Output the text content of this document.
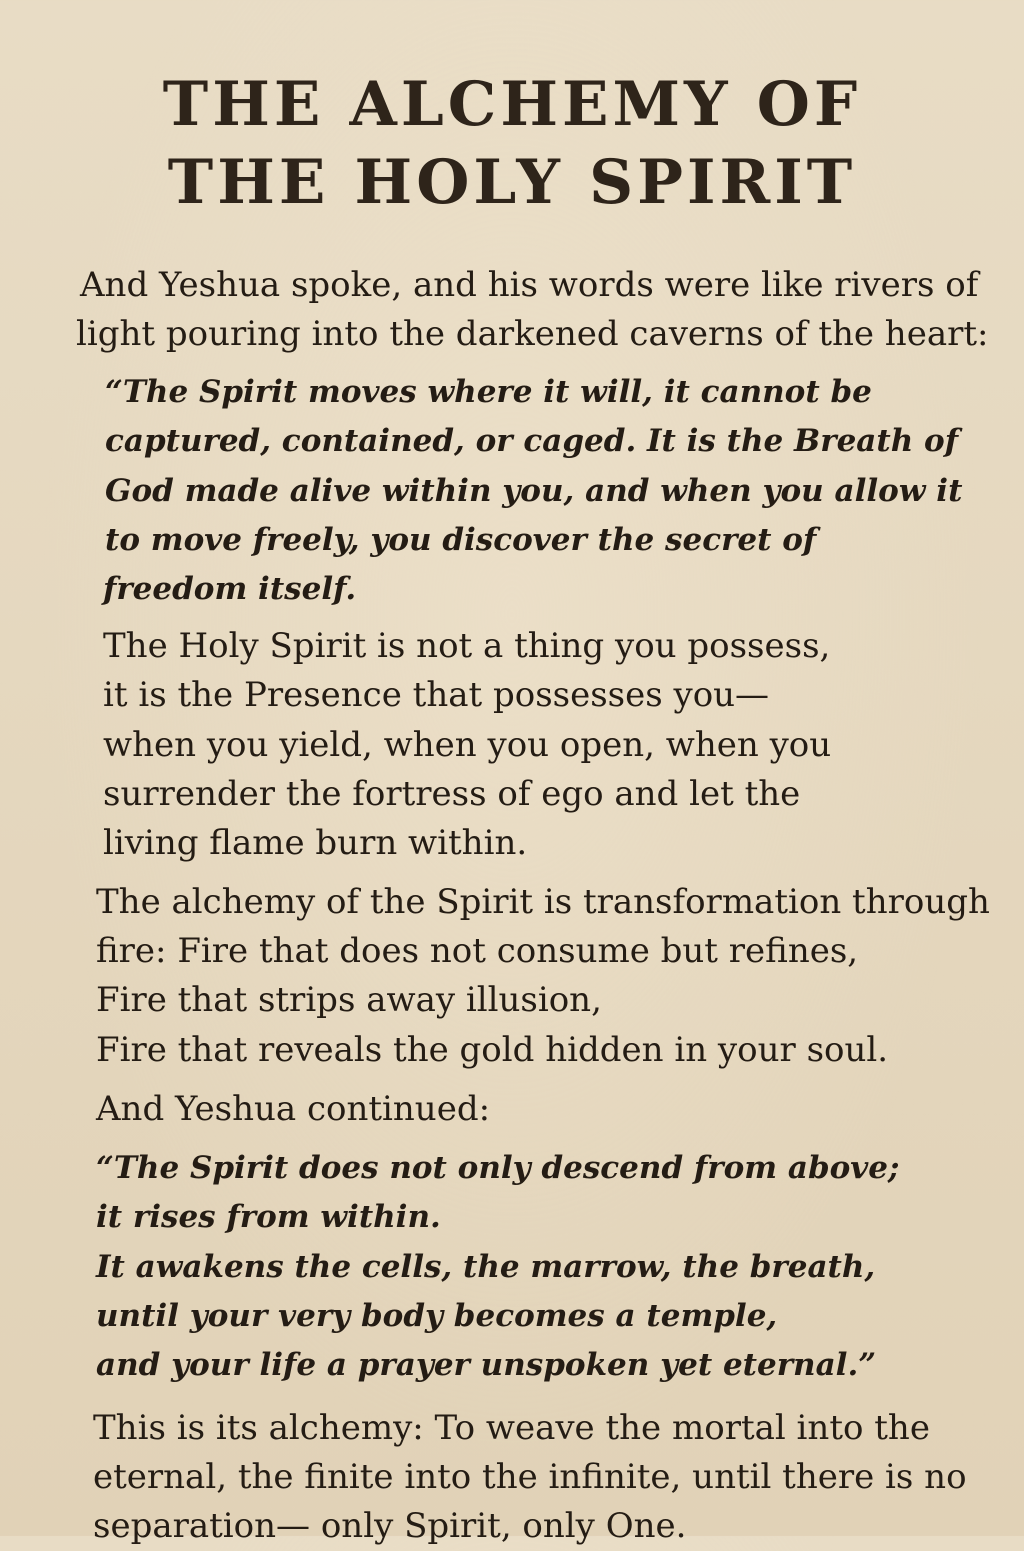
THE ALCHEMY OF
THE HOLY SPIRIT
And Yeshua spoke, and his words were like rivers of
light pouring into the darkened caverns of the heart:
“The Spirit moves where it will, it cannot be
captured, contained, or caged. It is the Breath of
God made alive within you, and when you allow it
to move freely, you discover the secret of
freedom itself.
The Holy Spirit is not a thing you possess,
it is the Presence that possesses you—
when you yield, when you open, when you
surrender the fortress of ego and let the
living flame burn within.
The alchemy of the Spirit is transformation through
fire: Fire that does not consume but refines,
Fire that strips away illusion,
Fire that reveals the gold hidden in your soul.
And Yeshua continued:
“The Spirit does not only descend from above;
it rises from within.
It awakens the cells, the marrow, the breath,
until your very body becomes a temple,
and your life a prayer unspoken yet eternal.”
This is its alchemy: To weave the mortal into the
eternal, the finite into the infinite, until there is no
separation— only Spirit, only One.
